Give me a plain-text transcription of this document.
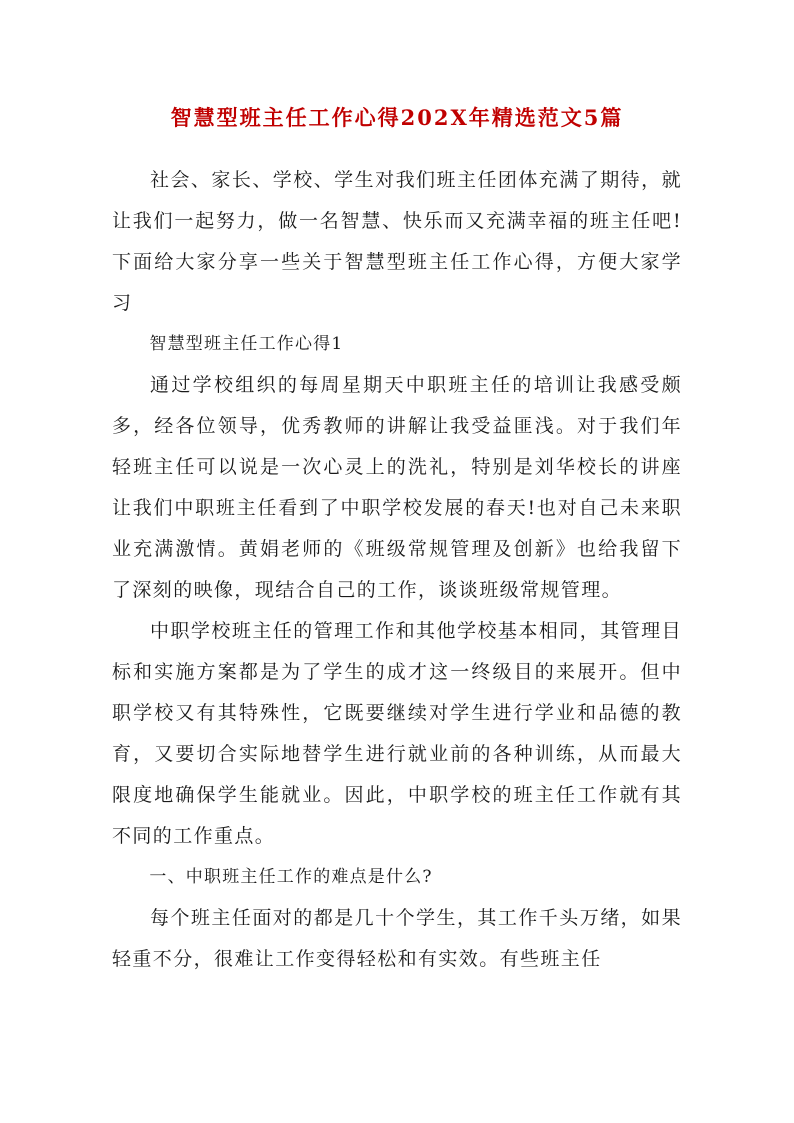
智慧型班主任工作心得202X年精选范文5篇

社会、家长、学校、学生对我们班主任团体充满了期待，就让我们一起努力，做一名智慧、快乐而又充满幸福的班主任吧!下面给大家分享一些关于智慧型班主任工作心得，方便大家学习

智慧型班主任工作心得1

通过学校组织的每周星期天中职班主任的培训让我感受颇多，经各位领导，优秀教师的讲解让我受益匪浅。对于我们年轻班主任可以说是一次心灵上的洗礼，特别是刘华校长的讲座让我们中职班主任看到了中职学校发展的春天!也对自己未来职业充满激情。黄娟老师的《班级常规管理及创新》也给我留下了深刻的映像，现结合自己的工作，谈谈班级常规管理。

中职学校班主任的管理工作和其他学校基本相同，其管理目标和实施方案都是为了学生的成才这一终级目的来展开。但中职学校又有其特殊性，它既要继续对学生进行学业和品德的教育，又要切合实际地替学生进行就业前的各种训练，从而最大限度地确保学生能就业。因此，中职学校的班主任工作就有其不同的工作重点。

一、中职班主任工作的难点是什么?

每个班主任面对的都是几十个学生，其工作千头万绪，如果轻重不分，很难让工作变得轻松和有实效。有些班主任
